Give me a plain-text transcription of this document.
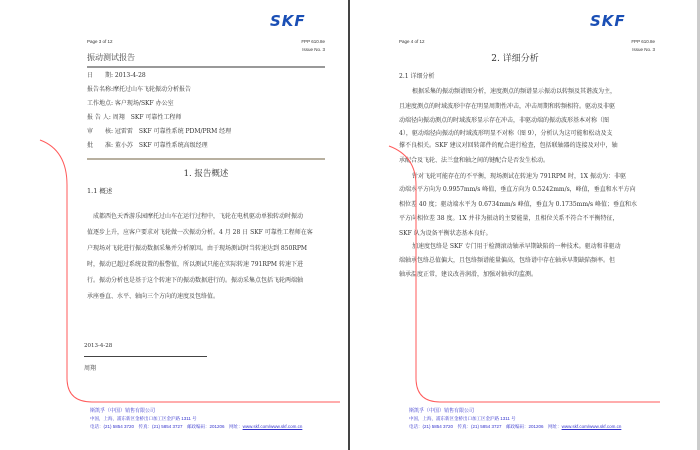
SKF
Page 3 of 12	FPP 610.8e
Issue No. 3
振动测试报告
日　　期: 2013-4-28
报告名称:摩托过山车飞轮振动分析报告
工作地点: 客户现场/SKF 办公室
报 告 人: 周翔　SKF 可靠性工程师
审　　核: 冠雷雷　SKF 可靠性系统 PDM/PRM 经理
批　　准: 董小苏　SKF 可靠性系统高级经理
1. 报告概述
1.1 概述
成都西色天香游乐园摩托过山车在运行过程中，飞轮在电机驱动单独转动时振动
值逐步上升，应客户要求对飞轮做一次振动分析。4 月 28 日 SKF 可靠性工程师在客
户现场对飞轮进行振动数据采集并分析原因。由于现场测试时当转速达到 850RPM
时，振动已超过系统设置的报警值，所以测试只能在实际转速 791RPM 转速下进
行。振动分析也是基于这个转速下的振动数据进行的。振动采集点包括飞轮两端轴
承座垂直、水平、轴向三个方向的速度及包络值。
2013-4-28
周翔
斯凯孚（中国）销售有限公司
中国，上海，浦东新区金桥出口加工区金沪路 1311 号
电话：(21) 5854 3720　传真：(21) 5854 3727　邮政编码：201206　网址：www.skf.com/www.skf.com.cn
SKF
Page 4 of 12	FPP 610.8e
Issue No. 3
2. 详细分析
2.1 详细分析
根据采集的振动频谱图分析，速度测点的频谱显示振动以转频及其谐波为主，
且速度测点的时域波形中存在明显周期性冲击，冲击周期和转频相符。驱动及非驱
动端径向振动测点的时域波形显示存在冲击，非驱动端的振动波形基本对称（图
4），驱动端径向振动的时域波形明显不对称（图 9），分析认为这可能和松动及支
撑不良相关。SKF 建议对回转部件的配合进行检查，包括联轴器的连接及对中，轴
承配合及飞轮、法兰盘和轴之间的键配合是否发生松动。
针对飞轮可能存在的不平衡，现场测试在转速为 791RPM 时，1X 振动为：非驱
动端水平方向为 0.9957mm/s 峰值，垂直方向为 0.5242mm/s，峰值，垂直和水平方向
相位差 40 度；驱动端水平为 0.6734mm/s 峰值，垂直为 0.1735mm/s 峰值；垂直和水
平方向相位差 38 度。1X 并非为振动的主要能量，且相位关系不符合不平衡特征，
SKF 认为设备平衡状态基本良好。
加速度包络是 SKF 专门用于检测滚动轴承早期缺陷的一种技术。驱动和非驱动
端轴承包络总值偏大，且包络频谱能量偏高，包络谱中存在轴承早期缺陷频率。但
轴承温度正常，建议改善润滑，加强对轴承的监测。
斯凯孚（中国）销售有限公司
中国，上海，浦东新区金桥出口加工区金沪路 1311 号
电话：(21) 5854 3720　传真：(21) 5854 3727　邮政编码：201206　网址：www.skf.com/www.skf.com.cn
